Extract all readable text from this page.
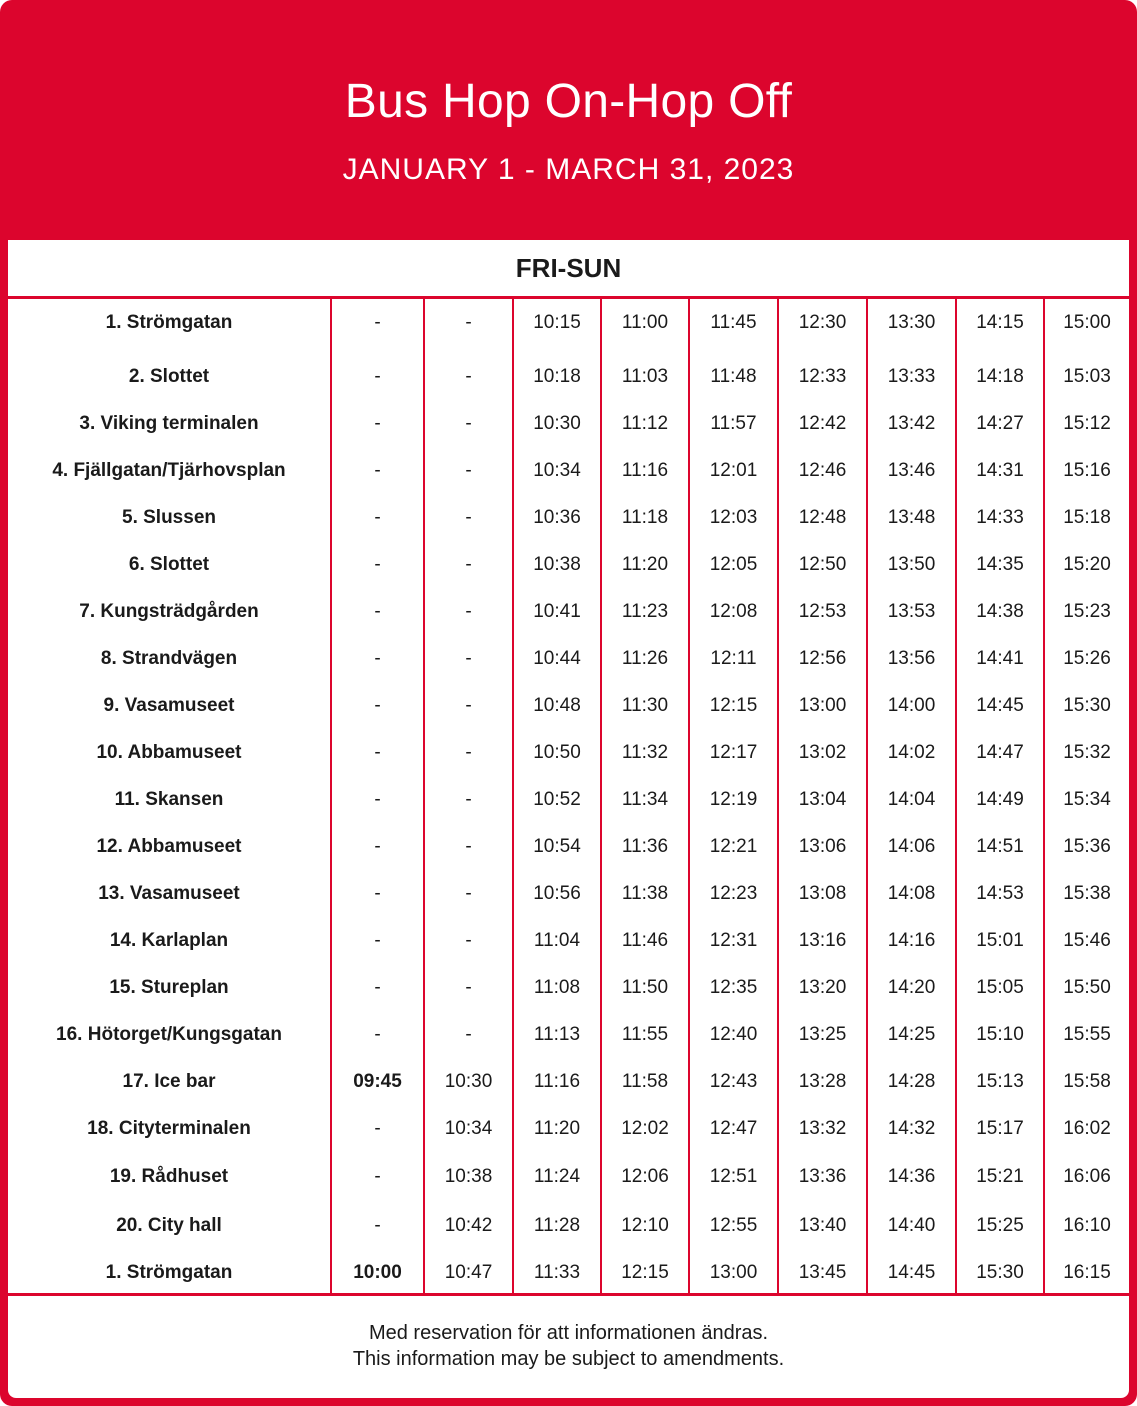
Bus Hop On-Hop Off
JANUARY 1 - MARCH 31, 2023
FRI-SUN
1. Strömgatan	-	-	10:15	11:00	11:45	12:30	13:30	14:15	15:00
2. Slottet	-	-	10:18	11:03	11:48	12:33	13:33	14:18	15:03
3. Viking terminalen	-	-	10:30	11:12	11:57	12:42	13:42	14:27	15:12
4. Fjällgatan/Tjärhovsplan	-	-	10:34	11:16	12:01	12:46	13:46	14:31	15:16
5. Slussen	-	-	10:36	11:18	12:03	12:48	13:48	14:33	15:18
6. Slottet	-	-	10:38	11:20	12:05	12:50	13:50	14:35	15:20
7. Kungsträdgården	-	-	10:41	11:23	12:08	12:53	13:53	14:38	15:23
8. Strandvägen	-	-	10:44	11:26	12:11	12:56	13:56	14:41	15:26
9. Vasamuseet	-	-	10:48	11:30	12:15	13:00	14:00	14:45	15:30
10. Abbamuseet	-	-	10:50	11:32	12:17	13:02	14:02	14:47	15:32
11. Skansen	-	-	10:52	11:34	12:19	13:04	14:04	14:49	15:34
12. Abbamuseet	-	-	10:54	11:36	12:21	13:06	14:06	14:51	15:36
13. Vasamuseet	-	-	10:56	11:38	12:23	13:08	14:08	14:53	15:38
14. Karlaplan	-	-	11:04	11:46	12:31	13:16	14:16	15:01	15:46
15. Stureplan	-	-	11:08	11:50	12:35	13:20	14:20	15:05	15:50
16. Hötorget/Kungsgatan	-	-	11:13	11:55	12:40	13:25	14:25	15:10	15:55
17. Ice bar	09:45	10:30	11:16	11:58	12:43	13:28	14:28	15:13	15:58
18. Cityterminalen	-	10:34	11:20	12:02	12:47	13:32	14:32	15:17	16:02
19. Rådhuset	-	10:38	11:24	12:06	12:51	13:36	14:36	15:21	16:06
20. City hall	-	10:42	11:28	12:10	12:55	13:40	14:40	15:25	16:10
1. Strömgatan	10:00	10:47	11:33	12:15	13:00	13:45	14:45	15:30	16:15
Med reservation för att informationen ändras.
This information may be subject to amendments.
